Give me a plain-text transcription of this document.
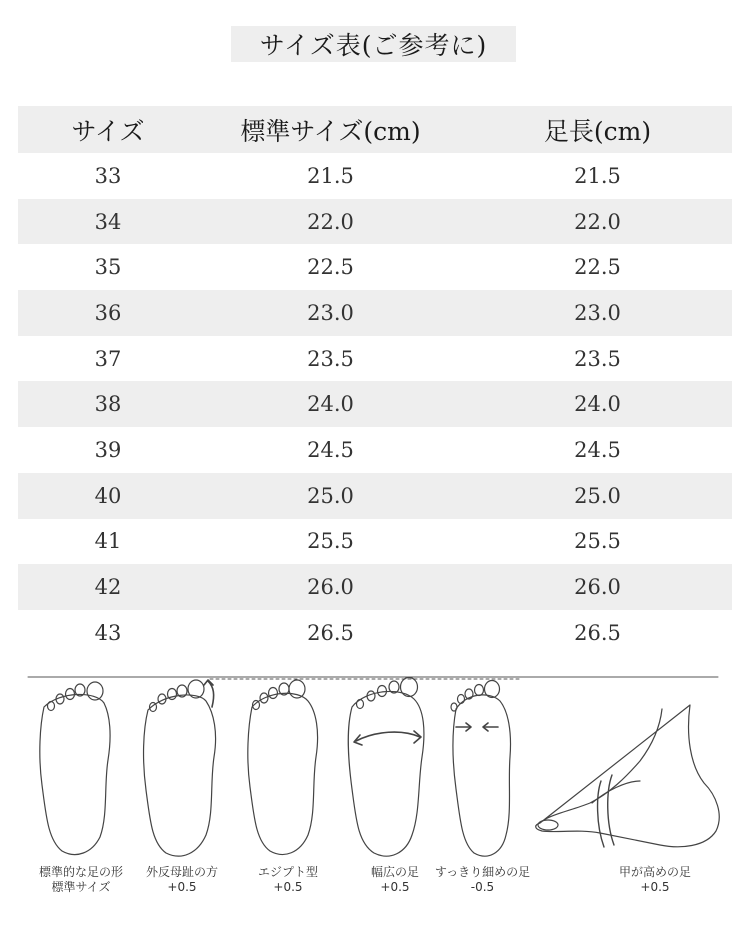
サイズ表(ご参考に)
サイズ	標準サイズ(cm)	足長(cm)
33	21.5	21.5
34	22.0	22.0
35	22.5	22.5
36	23.0	23.0
37	23.5	23.5
38	24.0	24.0
39	24.5	24.5
40	25.0	25.0
41	25.5	25.5
42	26.0	26.0
43	26.5	26.5
標準的な足の形
標準サイズ
外反母趾の方
+0.5
エジプト型
+0.5
幅広の足
+0.5
すっきり細めの足
-0.5
甲が高めの足
+0.5
